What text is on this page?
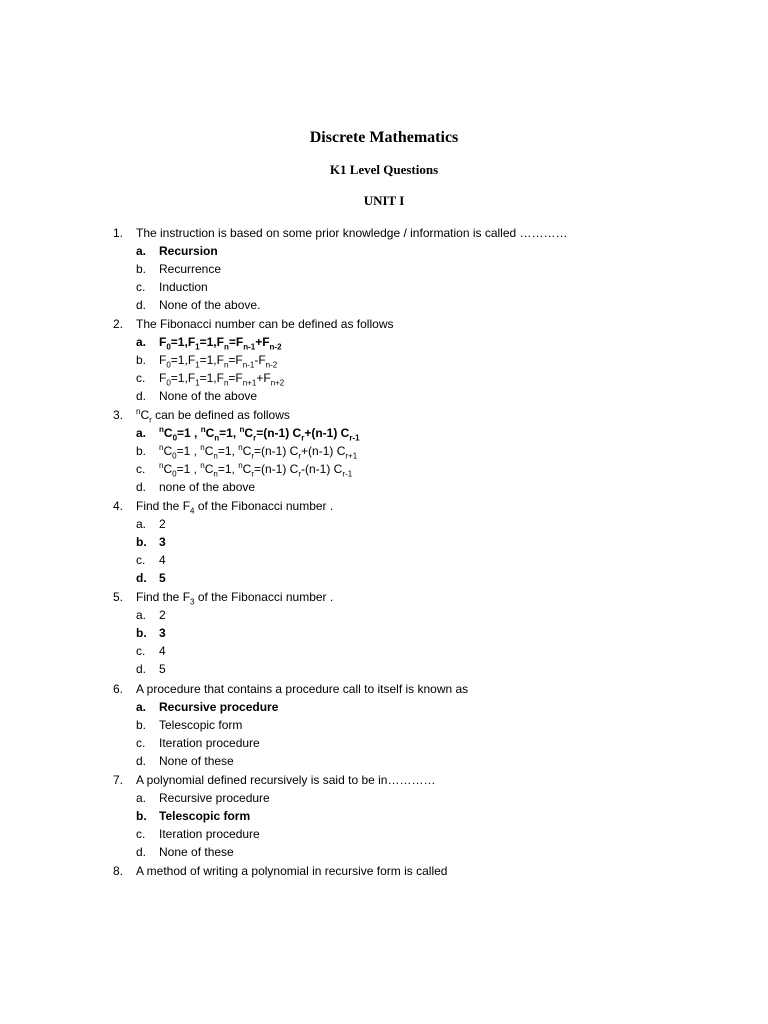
Discrete Mathematics
K1 Level Questions
UNIT I
1. The instruction is based on some prior knowledge / information is called …………
a. Recursion
b. Recurrence
c. Induction
d. None of the above.
2. The Fibonacci number can be defined as follows
a. $F_0=1,F_1=1,F_n=F_{n-1}+F_{n-2}$
b. $F_0=1,F_1=1,F_n=F_{n-1}-F_{n-2}$
c. $F_0=1,F_1=1,F_n=F_{n+1}+F_{n+2}$
d. None of the above
3. $^nC_r$ can be defined as follows
a. $^nC_0=1$ , $^nC_n=1$, $^nC_r=(n-1)$ $C_r+(n-1)$ $C_{r-1}$
b. $^nC_0=1$ , $^nC_n=1$, $^nC_r=(n-1)$ $C_r+(n-1)$ $C_{r+1}$
c. $^nC_0=1$ , $^nC_n=1$, $^nC_r=(n-1)$ $C_r-(n-1)$ $C_{r-1}$
d. none of the above
4. Find the $F_4$ of the Fibonacci number .
a. 2
b. 3
c. 4
d. 5
5. Find the $F_3$ of the Fibonacci number .
a. 2
b. 3
c. 4
d. 5
6. A procedure that contains a procedure call to itself is known as
a. Recursive procedure
b. Telescopic form
c. Iteration procedure
d. None of these
7. A polynomial defined recursively is said to be in…………
a. Recursive procedure
b. Telescopic form
c. Iteration procedure
d. None of these
8. A method of writing a polynomial in recursive form is called
